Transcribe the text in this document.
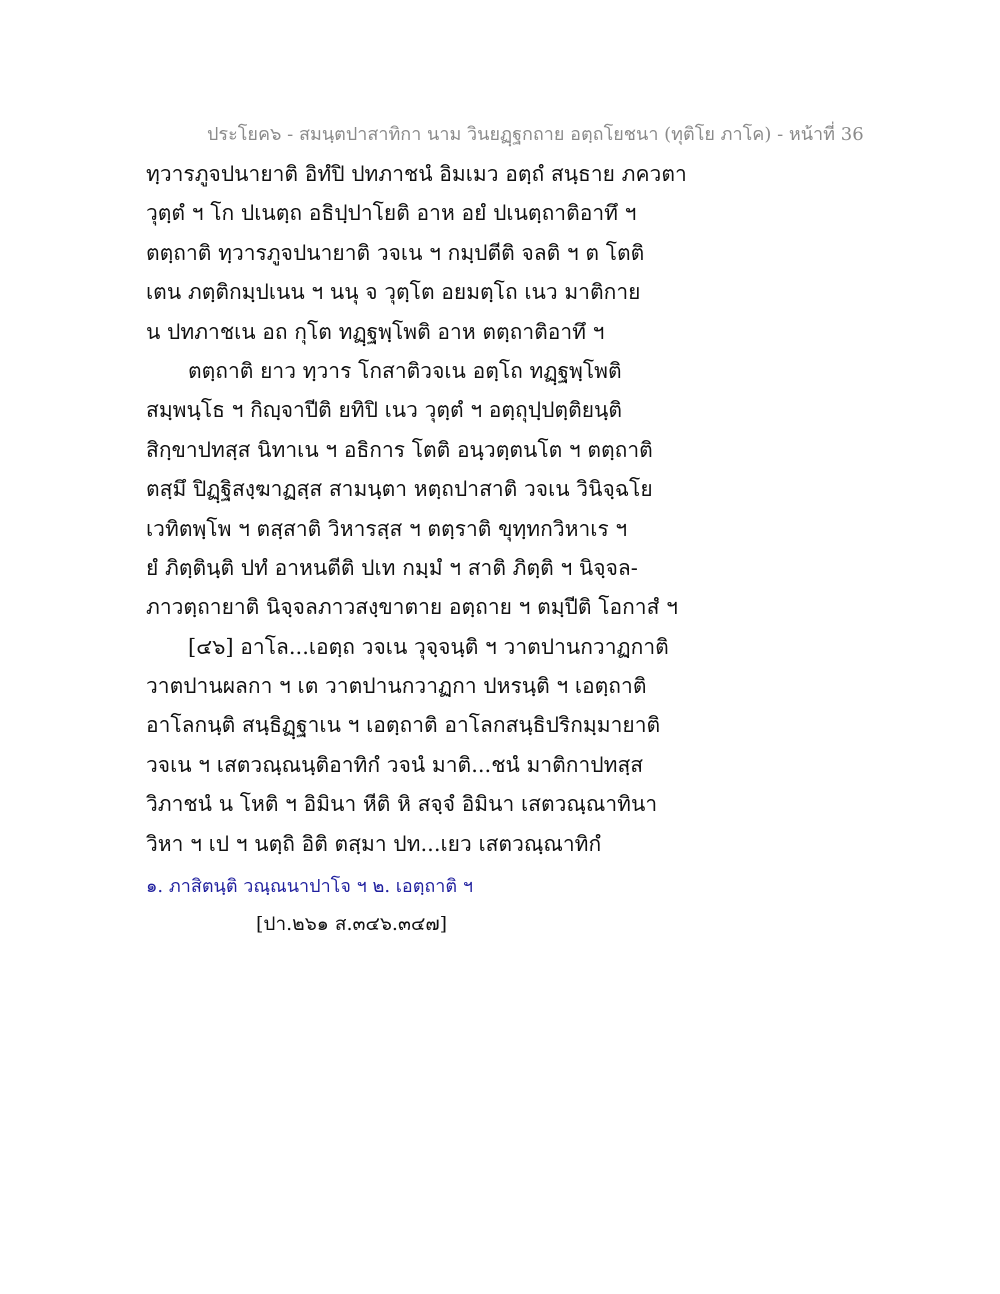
ประโยค๖ - สมนฺตปาสาทิกา นาม วินยฏฺฐกถาย อตฺถโยชนา (ทุติโย ภาโค) - หน้าที่ 36
ทฺวารภูจปนายาติ อิทํปิ ปทภาชนํ อิมเมว อตฺถํ สนฺธาย ภควตา
วุตฺตํ ฯ โก ปเนตฺถ อธิปฺปาโยติ อาห อยํ ปเนตฺถาติอาทึ ฯ
ตตฺถาติ ทฺวารภูจปนายาติ วจเน ฯ กมฺปตีติ จลติ ฯ ต โตติ
เตน ภตฺติกมฺปเนน ฯ นนุ จ วุตฺโต อยมตฺโถ เนว มาติกาย
น ปทภาชเน อถ กุโต ทฏฺฐพฺโพติ อาห ตตฺถาติอาทึ ฯ
ตตฺถาติ ยาว ทฺวาร โกสาติวจเน อตฺโถ ทฏฺฐพฺโพติ
สมฺพนฺโธ ฯ กิญฺจาปีติ ยทิปิ เนว วุตฺตํ ฯ อตฺถุปฺปตฺติยนฺติ
สิกฺขาปทสฺส นิทาเน ฯ อธิการ โตติ อนฺวตฺตนโต ฯ ตตฺถาติ
ตสฺมึ ปิฏฺฐิสงฺฆาฏสฺส สามนฺตา หตฺถปาสาติ วจเน วินิจฺฉโย
เวทิตพฺโพ ฯ ตสฺสาติ วิหารสฺส ฯ ตตฺราติ ขุทฺทกวิหาเร ฯ
ยํ ภิตฺตินฺติ ปทํ อาหนตีติ ปเท กมฺมํ ฯ สาติ ภิตฺติ ฯ นิจฺจล-
ภาวตฺถายาติ นิจฺจลภาวสงฺขาตาย อตฺถาย ฯ ตมฺปีติ โอกาสํ ฯ
[๔๖] อาโล...เอตฺถ วจเน วุจฺจนฺติ ฯ วาตปานกวาฏกาติ
วาตปานผลกา ฯ เต วาตปานกวาฏกา ปหรนฺติ ฯ เอตฺถาติ
อาโลกนฺติ สนฺธิฏฺฐาเน ฯ เอตฺถาติ อาโลกสนฺธิปริกมฺมายาติ
วจเน ฯ เสตวณฺณนฺติอาทิกํ วจนํ มาติ...ชนํ มาติกาปทสฺส
วิภาชนํ น โหติ ฯ อิมินา หีติ หิ สจฺจํ อิมินา เสตวณฺณาทินา
วิหา ฯ เป ฯ นตฺถิ อิติ ตสฺมา ปท...เยว เสตวณฺณาทิกํ
๑. ภาสิตนฺติ วณฺณนาปาโจ ฯ ๒. เอตฺถาติ ฯ
[ปา.๒๖๑ ส.๓๔๖.๓๔๗]
